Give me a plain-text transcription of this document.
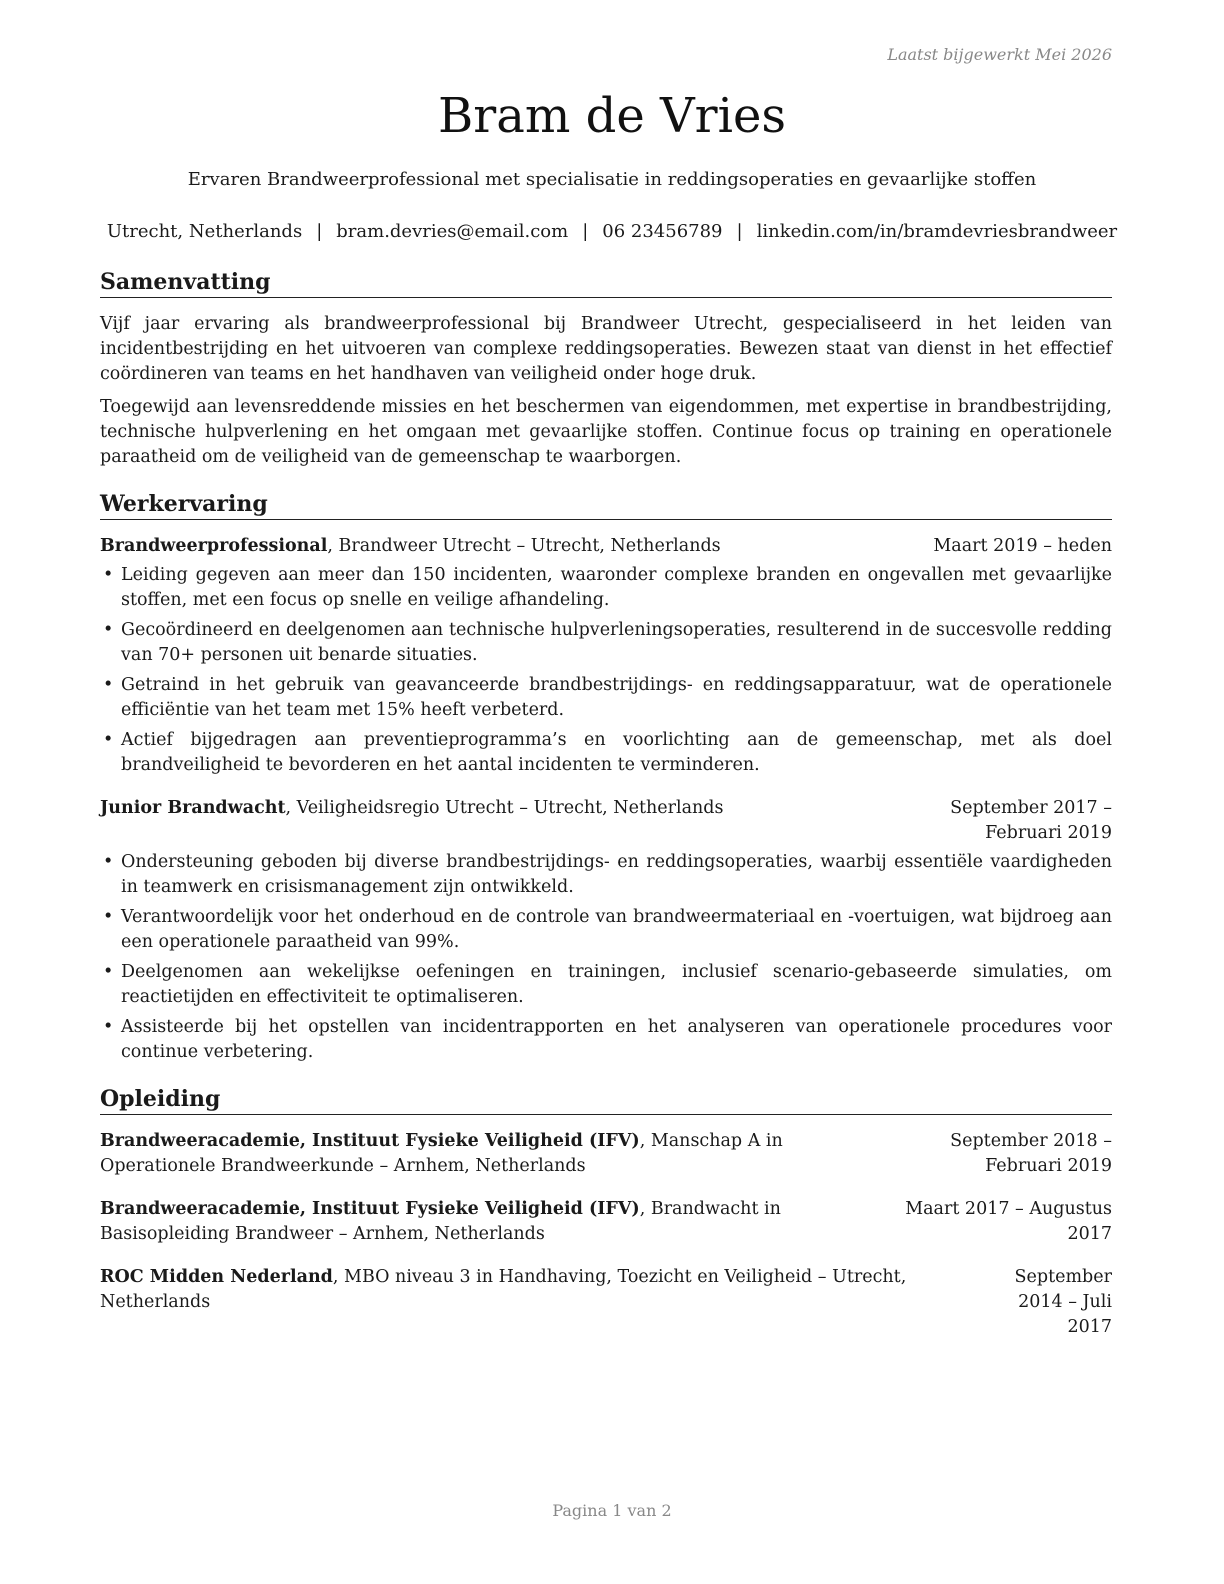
Laatst bijgewerkt Mei 2026
Bram de Vries
Ervaren Brandweerprofessional met specialisatie in reddingsoperaties en gevaarlijke stoffen
Utrecht, Netherlands | bram.devries@email.com | 06 23456789 | linkedin.com/in/bramdevriesbrandweer
Samenvatting

Vijf jaar ervaring als brandweerprofessional bij Brandweer Utrecht, gespecialiseerd in het leiden van incidentbestrijding en het uitvoeren van complexe reddingsoperaties. Bewezen staat van dienst in het effectief coördineren van teams en het handhaven van veiligheid onder hoge druk.

Toegewijd aan levensreddende missies en het beschermen van eigendommen, met expertise in brandbestrijding, technische hulpverlening en het omgaan met gevaarlijke stoffen. Continue focus op training en operationele paraatheid om de veiligheid van de gemeenschap te waarborgen.

Werkervaring
Brandweerprofessional, Brandweer Utrecht – Utrecht, Netherlands	Maart 2019 – heden
• Leiding gegeven aan meer dan 150 incidenten, waaronder complexe branden en ongevallen met gevaarlijke stoffen, met een focus op snelle en veilige afhandeling.
• Gecoördineerd en deelgenomen aan technische hulpverleningsoperaties, resulterend in de succesvolle redding van 70+ personen uit benarde situaties.
• Getraind in het gebruik van geavanceerde brandbestrijdings- en reddingsapparatuur, wat de operationele efficiëntie van het team met 15% heeft verbeterd.
• Actief bijgedragen aan preventieprogramma’s en voorlichting aan de gemeenschap, met als doel brandveiligheid te bevorderen en het aantal incidenten te verminderen.
Junior Brandwacht, Veiligheidsregio Utrecht – Utrecht, Netherlands	September 2017 – Februari 2019
• Ondersteuning geboden bij diverse brandbestrijdings- en reddingsoperaties, waarbij essentiële vaardigheden in teamwerk en crisismanagement zijn ontwikkeld.
• Verantwoordelijk voor het onderhoud en de controle van brandweermateriaal en -voertuigen, wat bijdroeg aan een operationele paraatheid van 99%.
• Deelgenomen aan wekelijkse oefeningen en trainingen, inclusief scenario-gebaseerde simulaties, om reactietijden en effectiviteit te optimaliseren.
• Assisteerde bij het opstellen van incidentrapporten en het analyseren van operationele procedures voor continue verbetering.
Opleiding
Brandweeracademie, Instituut Fysieke Veiligheid (IFV), Manschap A in Operationele Brandweerkunde – Arnhem, Netherlands
September 2018 – Februari 2019
Brandweeracademie, Instituut Fysieke Veiligheid (IFV), Brandwacht in Basisopleiding Brandweer – Arnhem, Netherlands
Maart 2017 – Augustus 2017
ROC Midden Nederland, MBO niveau 3 in Handhaving, Toezicht en Veiligheid – Utrecht, Netherlands
September 2014 – Juli 2017
Pagina 1 van 2
